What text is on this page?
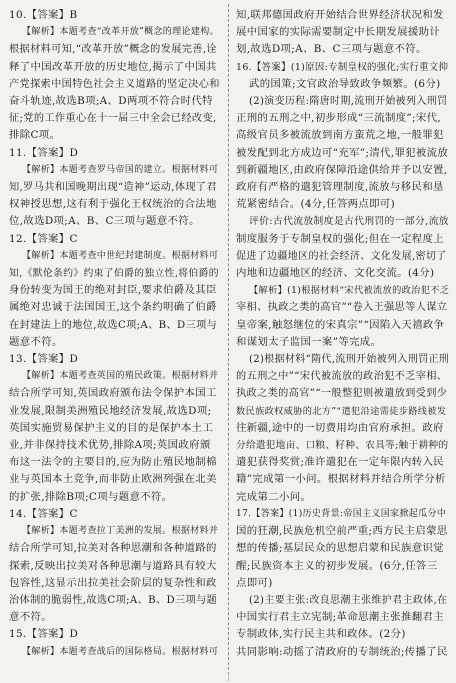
10.【答案】B
【解析】本题考查“改革开放”概念的理论建构。
根据材料可知,“改革开放”概念的发展完善,诠
释了中国改革开放的历史地位,揭示了中国共
产党探索中国特色社会主义道路的坚定决心和
奋斗轨迹,故选B项;A、D两项不符合时代特
征;党的工作重心在十一届三中全会已经改变,
排除C项。
11.【答案】D
【解析】本题考查罗马帝国的建立。根据材料可
知,罗马共和国晚期出现“造神”运动,体现了君
权神授思想,这有利于强化王权统治的合法地
位,故选D项;A、B、C三项与题意不符。
12.【答案】C
【解析】本题考查中世纪封建制度。根据材料可
知,《默伦条约》约束了伯爵的独立性,将伯爵的
身份转变为国王的绝对封臣,要求伯爵及其臣
属绝对忠诚于法国国王,这个条约明确了伯爵
在封建法上的地位,故选C项;A、B、D三项与
题意不符。
13.【答案】D
【解析】本题考查英国的殖民政策。根据材料并
结合所学可知,英国政府颁布法令保护本国工
业发展,限制美洲殖民地经济发展,故选D项;
英国实施贸易保护主义的目的是保护本土工
业,并非保持技术优势,排除A项;英国政府颁
布这一法令的主要目的,应为防止殖民地制棉
业与英国本土竞争,而非防止欧洲列强在北美
的扩张,排除B项;C项与题意不符。
14.【答案】C
【解析】本题考查拉丁美洲的发展。根据材料并
结合所学可知,拉美对各种思潮和各种道路的
探索,反映出拉美对各种思潮与道路具有较大
包容性,这显示出拉美社会阶层的复杂性和政
治体制的脆弱性,故选C项;A、B、D三项与题
意不符。
15.【答案】D
【解析】本题考查战后的国际格局。根据材料可
知,联邦德国政府开始结合世界经济状况和发
展中国家的实际需要制定中长期发展援助计
划,故选D项;A、B、C三项与题意不符。
16.【答案】(1)原因:专制皇权的强化;实行重文抑
武的国策;文官政治导致政争频繁。(6分)
(2)演变历程:隋唐时期,流刑开始被列入刑罚
正刑的五刑之中,初步形成“三流制度”;宋代,
高级官员多被流放到南方蛮荒之地,一般罪犯
被发配到北方成边可“充军”;清代,罪犯被流放
到新疆地区,由政府保障沿途供给并予以安置,
政府有严格的遣犯管理制度,流放与移民和垦
荒紧密结合。(4分,任答两点即可)
评价:古代流放制度是古代刑罚的一部分,流放
制度服务于专制皇权的强化;但在一定程度上
促进了边疆地区的社会经济、文化发展,密切了
内地和边疆地区的经济、文化交流。(4分)
【解析】(1)根据材料“宋代被流放的政治犯不乏
宰相、执政之类的高官”“卷入王强思等人谋立
皇帝案,触怒继位的宋真宗”“因陷入天禧政争
和谋划太子监国一案”等完成。
(2)根据材料“隋代,流刑开始被列入刑罚正刑
的五刑之中”“宋代被流放的政治犯不乏宰相、
执政之类的高官”“一般整犯则被遣放到受到少
数民族政权威胁的北方”“遣犯沿途需徒步路线被发
往新疆,途中的一切费用均由官府承担。政府
分给遣犯地亩、口粮、籽种、农具等;触于耕种的
遣犯获得奖赏;准许遣犯在一定年限内转入民
籍”完成第一小问。根据材料并结合所学分析
完成第二小问。
17.【答案】(1)历史背景:帝国主义国家掀起瓜分中
国的狂潮,民族危机空前严重;西方民主启蒙思
想的传播;基层民众的思想启蒙和民族意识觉
醒;民族资本主义的初步发展。(6分,任答三
点即可)
(2)主要主张:改良思潮主张维护君主政体,在
中国实行君主立宪制;革命思潮主张推翻君主
专制政体,实行民主共和政体。(2分)
共同影响:动摇了清政府的专制统治;传播了民
